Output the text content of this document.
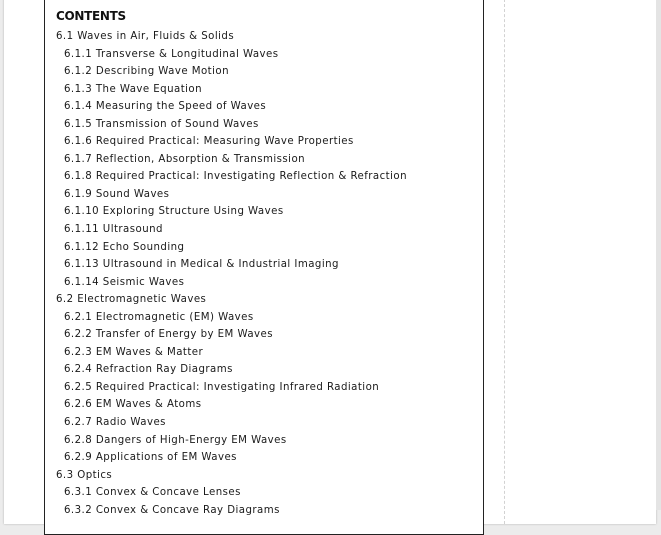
CONTENTS
6.1 Waves in Air, Fluids & Solids
6.1.1 Transverse & Longitudinal Waves
6.1.2 Describing Wave Motion
6.1.3 The Wave Equation
6.1.4 Measuring the Speed of Waves
6.1.5 Transmission of Sound Waves
6.1.6 Required Practical: Measuring Wave Properties
6.1.7 Reflection, Absorption & Transmission
6.1.8 Required Practical: Investigating Reflection & Refraction
6.1.9 Sound Waves
6.1.10 Exploring Structure Using Waves
6.1.11 Ultrasound
6.1.12 Echo Sounding
6.1.13 Ultrasound in Medical & Industrial Imaging
6.1.14 Seismic Waves
6.2 Electromagnetic Waves
6.2.1 Electromagnetic (EM) Waves
6.2.2 Transfer of Energy by EM Waves
6.2.3 EM Waves & Matter
6.2.4 Refraction Ray Diagrams
6.2.5 Required Practical: Investigating Infrared Radiation
6.2.6 EM Waves & Atoms
6.2.7 Radio Waves
6.2.8 Dangers of High-Energy EM Waves
6.2.9 Applications of EM Waves
6.3 Optics
6.3.1 Convex & Concave Lenses
6.3.2 Convex & Concave Ray Diagrams
